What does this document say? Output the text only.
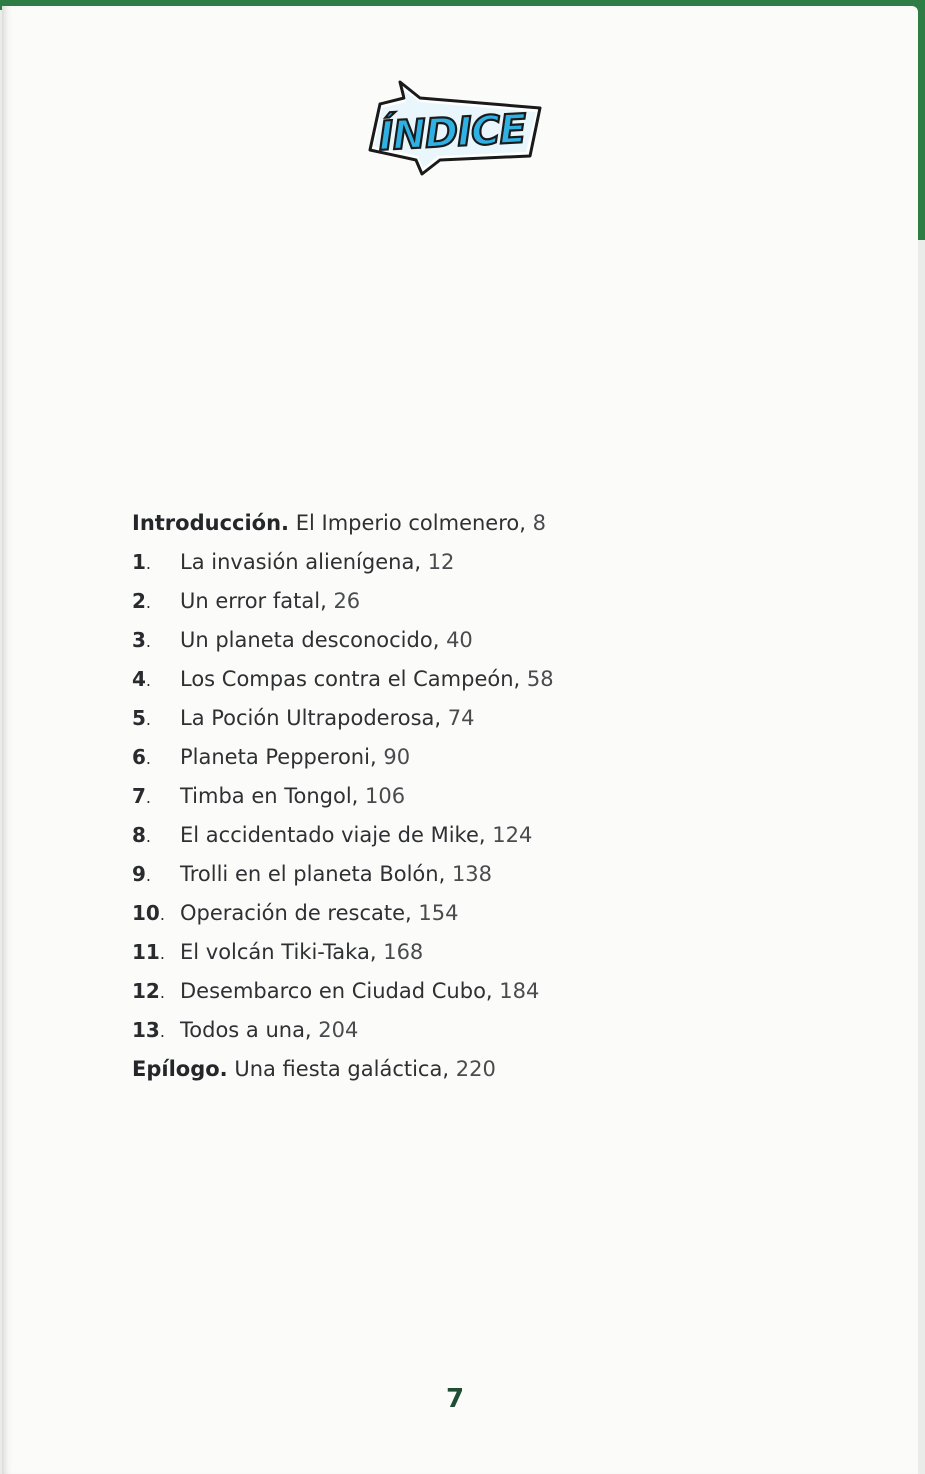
ÍNDICE
Introducción. El Imperio colmenero, 8
1.	La invasión alienígena, 12
2.	Un error fatal, 26
3.	Un planeta desconocido, 40
4.	Los Compas contra el Campeón, 58
5.	La Poción Ultrapoderosa, 74
6.	Planeta Pepperoni, 90
7.	Timba en Tongol, 106
8.	El accidentado viaje de Mike, 124
9.	Trolli en el planeta Bolón, 138
10. Operación de rescate, 154
11. El volcán Tiki-Taka, 168
12. Desembarco en Ciudad Cubo, 184
13. Todos a una, 204
Epílogo. Una fiesta galáctica, 220
7
